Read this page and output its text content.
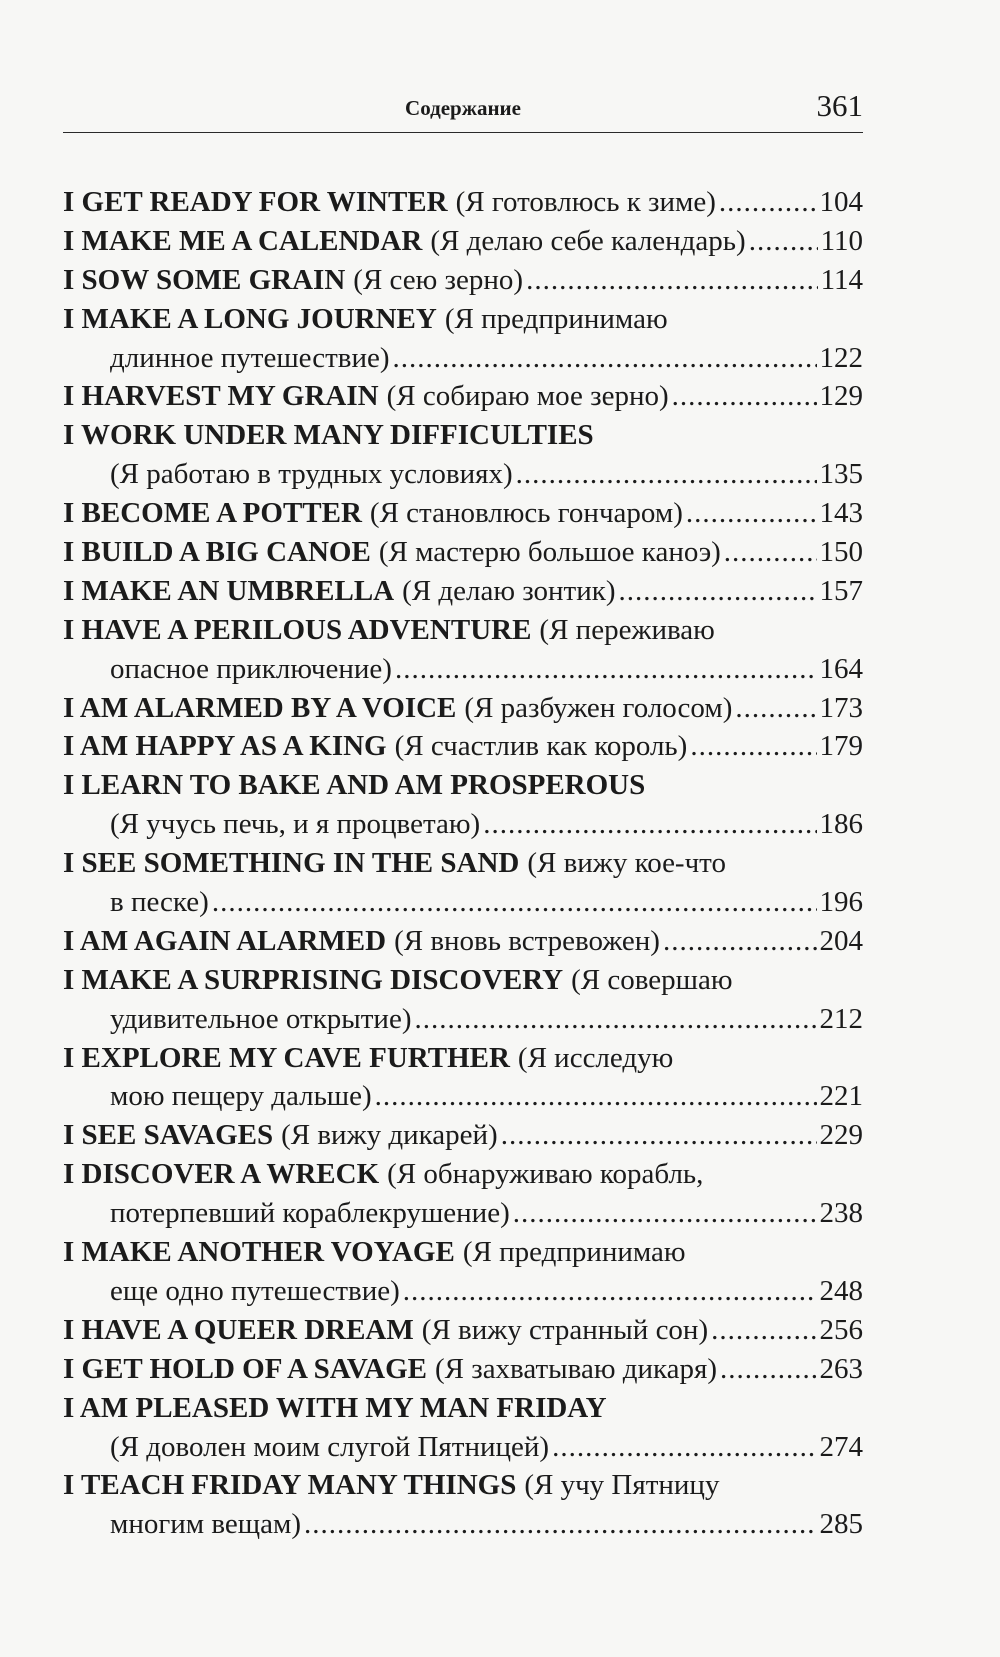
Содержание	361
I GET READY FOR WINTER (Я готовлюсь к зиме) .....	104
I MAKE ME A CALENDAR (Я делаю себе календарь) .....	110
I SOW SOME GRAIN (Я сею зерно) .....	114
I MAKE A LONG JOURNEY (Я предпринимаю
длинное путешествие) .....	122
I HARVEST MY GRAIN (Я собираю мое зерно) .....	129
I WORK UNDER MANY DIFFICULTIES
(Я работаю в трудных условиях) .....	135
I BECOME A POTTER (Я становлюсь гончаром) .....	143
I BUILD A BIG CANOE (Я мастерю большое каноэ) .....	150
I MAKE AN UMBRELLA (Я делаю зонтик) .....	157
I HAVE A PERILOUS ADVENTURE (Я переживаю
опасное приключение) .....	164
I AM ALARMED BY A VOICE (Я разбужен голосом) .....	173
I AM HAPPY AS A KING (Я счастлив как король) .....	179
I LEARN TO BAKE AND AM PROSPEROUS
(Я учусь печь, и я процветаю) .....	186
I SEE SOMETHING IN THE SAND (Я вижу кое-что
в песке) .....	196
I AM AGAIN ALARMED (Я вновь встревожен) .....	204
I MAKE A SURPRISING DISCOVERY (Я совершаю
удивительное открытие) .....	212
I EXPLORE MY CAVE FURTHER (Я исследую
мою пещеру дальше) .....	221
I SEE SAVAGES (Я вижу дикарей) .....	229
I DISCOVER A WRECK (Я обнаруживаю корабль,
потерпевший кораблекрушение) .....	238
I MAKE ANOTHER VOYAGE (Я предпринимаю
еще одно путешествие) .....	248
I HAVE A QUEER DREAM (Я вижу странный сон) .....	256
I GET HOLD OF A SAVAGE (Я захватываю дикаря) .....	263
I AM PLEASED WITH MY MAN FRIDAY
(Я доволен моим слугой Пятницей) .....	274
I TEACH FRIDAY MANY THINGS (Я учу Пятницу
многим вещам) .....	285
